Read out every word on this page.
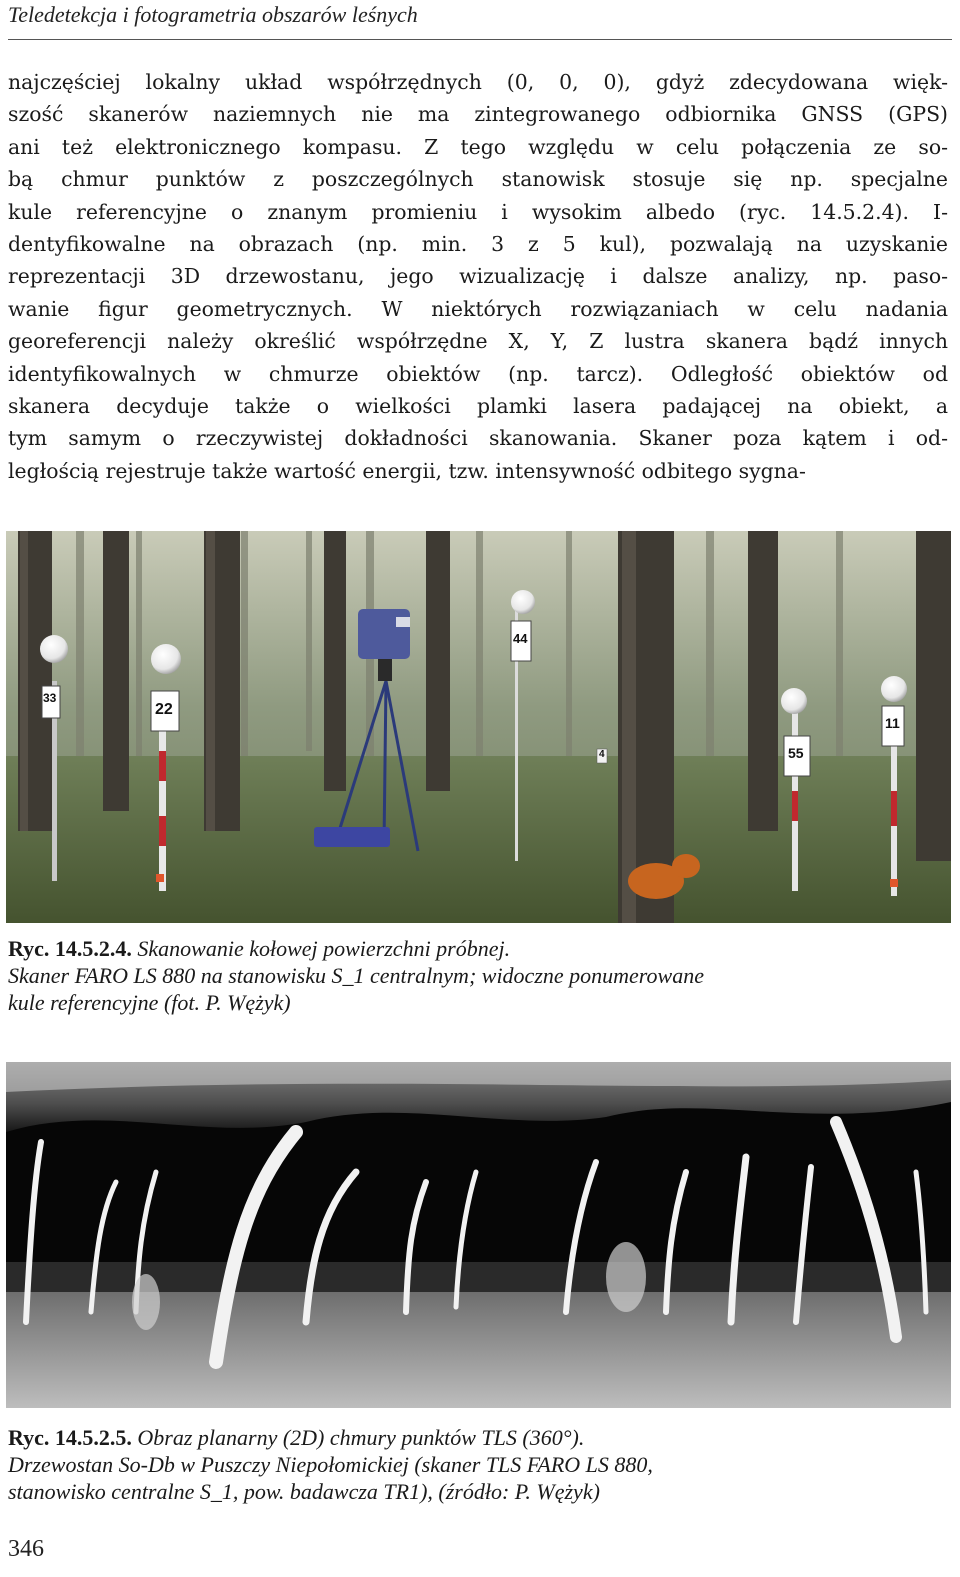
Teledetekcja i fotogrametria obszarów leśnych
najczęściej lokalny układ współrzędnych (0, 0, 0), gdyż zdecydowana więk-
szość skanerów naziemnych nie ma zintegrowanego odbiornika GNSS (GPS)
ani też elektronicznego kompasu. Z tego względu w celu połączenia ze so-
bą chmur punktów z poszczególnych stanowisk stosuje się np. specjalne
kule referencyjne o znanym promieniu i wysokim albedo (ryc. 14.5.2.4). I-
dentyfikowalne na obrazach (np. min. 3 z 5 kul), pozwalają na uzyskanie
reprezentacji 3D drzewostanu, jego wizualizację i dalsze analizy, np. paso-
wanie figur geometrycznych. W niektórych rozwiązaniach w celu nadania
georeferencji należy określić współrzędne X, Y, Z lustra skanera bądź innych
identyfikowalnych w chmurze obiektów (np. tarcz). Odległość obiektów od
skanera decyduje także o wielkości plamki lasera padającej na obiekt, a
tym samym o rzeczywistej dokładności skanowania. Skaner poza kątem i od-
ległością rejestruje także wartość energii, tzw. intensywność odbitego sygna-
33
22
44
55
11
4
Ryc. 14.5.2.4. Skanowanie kołowej powierzchni próbnej.
Skaner FARO LS 880 na stanowisku S_1 centralnym; widoczne ponumerowane
kule referencyjne (fot. P. Wężyk)
Ryc. 14.5.2.5. Obraz planarny (2D) chmury punktów TLS (360°).
Drzewostan So-Db w Puszczy Niepołomickiej (skaner TLS FARO LS 880,
stanowisko centralne S_1, pow. badawcza TR1), (źródło: P. Wężyk)
346
